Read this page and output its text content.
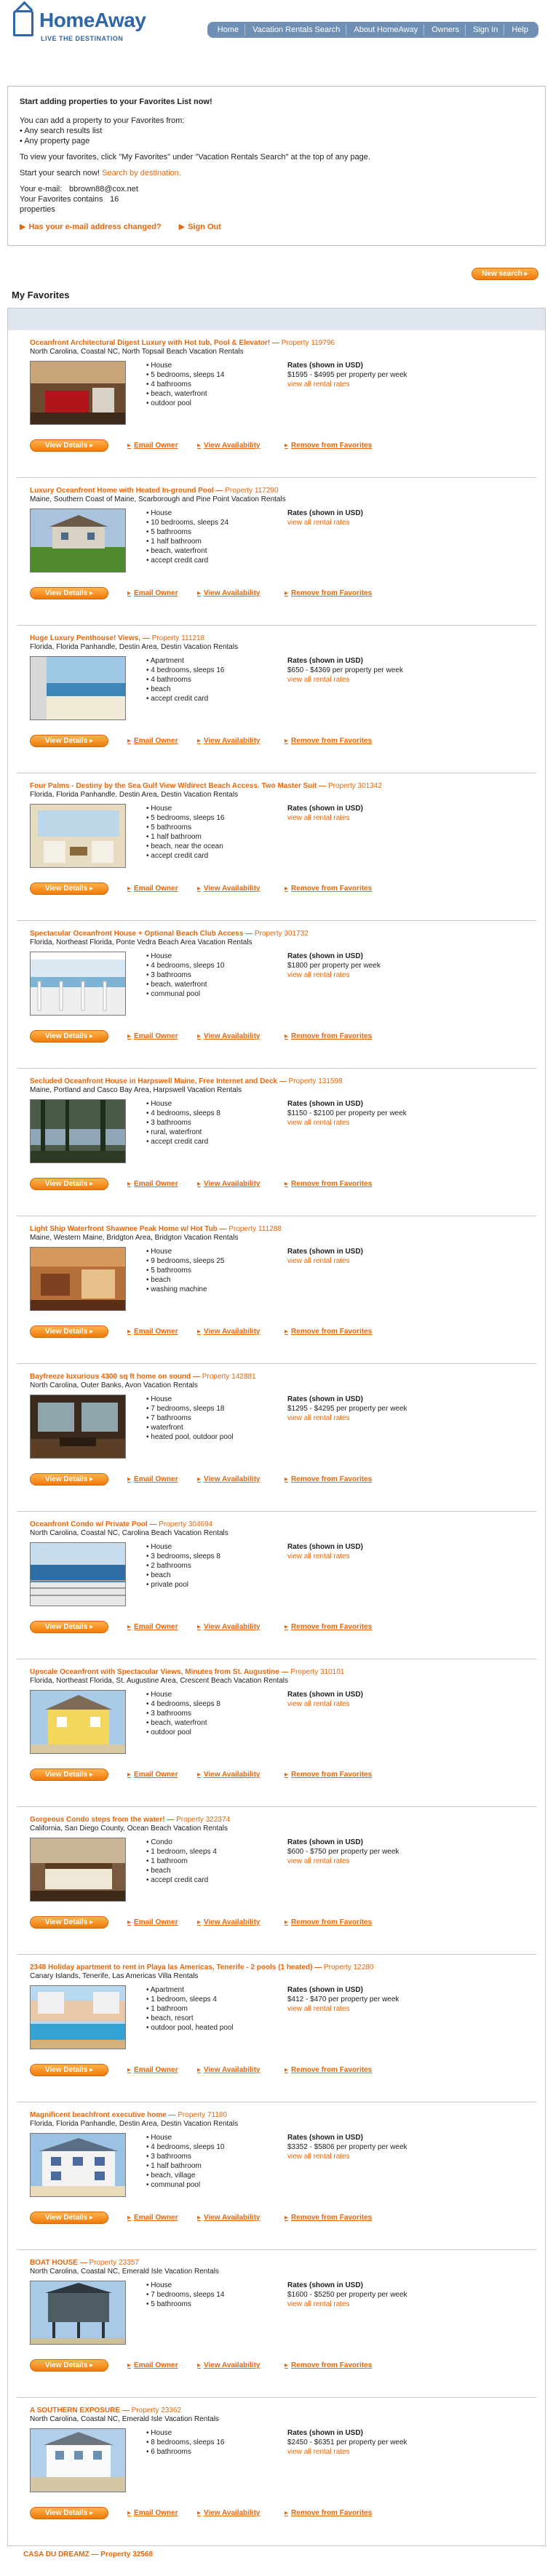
HomeAway
LIVE THE DESTINATION
Home	Vacation Rentals Search	About HomeAway	Owners	Sign In	Help
Start adding properties to your Favorites List now!

You can add a property to your Favorites from:

• Any search results list
• Any property page

To view your favorites, click "My Favorites" under "Vacation Rentals Search" at the top of any page.

Start your search now! Search by destination.

Your e-mail: bbrown88@cox.net
Your Favorites contains 16
properties
▶ Has your e-mail address changed? ▶ Sign Out
New search ▸
My Favorites
Oceanfront Architectural Digest Luxury with Hot tub, Pool & Elevator! — Property 119796
North Carolina, Coastal NC, North Topsail Beach Vacation Rentals
• House
• 5 bedrooms, sleeps 14
• 4 bathrooms
• beach, waterfront
• outdoor pool
Rates (shown in USD)
$1595 - $4995 per property per week
view all rental rates
View Details ▸	▸ Email Owner	▸ View Availability	▸ Remove from Favorites
Luxury Oceanfront Home with Heated In-ground Pool — Property 117290
Maine, Southern Coast of Maine, Scarborough and Pine Point Vacation Rentals
• House
• 10 bedrooms, sleeps 24
• 5 bathrooms
• 1 half bathroom
• beach, waterfront
• accept credit card
Rates (shown in USD)
view all rental rates
View Details ▸	▸ Email Owner	▸ View Availability	▸ Remove from Favorites
Huge Luxury Penthouse! Views, — Property 111218
Florida, Florida Panhandle, Destin Area, Destin Vacation Rentals
• Apartment
• 4 bedrooms, sleeps 16
• 4 bathrooms
• beach
• accept credit card
Rates (shown in USD)
$650 - $4369 per property per week
view all rental rates
View Details ▸	▸ Email Owner	▸ View Availability	▸ Remove from Favorites
Four Palms - Destiny by the Sea Gulf View W/direct Beach Access. Two Master Suit — Property 301342
Florida, Florida Panhandle, Destin Area, Destin Vacation Rentals
• House
• 5 bedrooms, sleeps 16
• 5 bathrooms
• 1 half bathroom
• beach, near the ocean
• accept credit card
Rates (shown in USD)
view all rental rates
View Details ▸	▸ Email Owner	▸ View Availability	▸ Remove from Favorites
Spectacular Oceanfront House + Optional Beach Club Access — Property 301732
Florida, Northeast Florida, Ponte Vedra Beach Area Vacation Rentals
• House
• 4 bedrooms, sleeps 10
• 3 bathrooms
• beach, waterfront
• communal pool
Rates (shown in USD)
$1800 per property per week
view all rental rates
View Details ▸	▸ Email Owner	▸ View Availability	▸ Remove from Favorites
Secluded Oceanfront House in Harpswell Maine, Free Internet and Deck — Property 131598
Maine, Portland and Casco Bay Area, Harpswell Vacation Rentals
• House
• 4 bedrooms, sleeps 8
• 3 bathrooms
• rural, waterfront
• accept credit card
Rates (shown in USD)
$1150 - $2100 per property per week
view all rental rates
View Details ▸	▸ Email Owner	▸ View Availability	▸ Remove from Favorites
Light Ship Waterfront Shawnee Peak Home w/ Hot Tub — Property 111288
Maine, Western Maine, Bridgton Area, Bridgton Vacation Rentals
• House
• 9 bedrooms, sleeps 25
• 5 bathrooms
• beach
• washing machine
Rates (shown in USD)
view all rental rates
View Details ▸	▸ Email Owner	▸ View Availability	▸ Remove from Favorites
Bayfreeze luxurious 4300 sq ft home on sound — Property 142881
North Carolina, Outer Banks, Avon Vacation Rentals
• House
• 7 bedrooms, sleeps 18
• 7 bathrooms
• waterfront
• heated pool, outdoor pool
Rates (shown in USD)
$1295 - $4295 per property per week
view all rental rates
View Details ▸	▸ Email Owner	▸ View Availability	▸ Remove from Favorites
Oceanfront Condo w/ Private Pool — Property 304694
North Carolina, Coastal NC, Carolina Beach Vacation Rentals
• House
• 3 bedrooms, sleeps 8
• 2 bathrooms
• beach
• private pool
Rates (shown in USD)
view all rental rates
View Details ▸	▸ Email Owner	▸ View Availability	▸ Remove from Favorites
Upscale Oceanfront with Spectacular Views, Minutes from St. Augustine — Property 310101
Florida, Northeast Florida, St. Augustine Area, Crescent Beach Vacation Rentals
• House
• 4 bedrooms, sleeps 8
• 3 bathrooms
• beach, waterfront
• outdoor pool
Rates (shown in USD)
view all rental rates
View Details ▸	▸ Email Owner	▸ View Availability	▸ Remove from Favorites
Gorgeous Condo steps from the water! — Property 322374
California, San Diego County, Ocean Beach Vacation Rentals
• Condo
• 1 bedroom, sleeps 4
• 1 bathroom
• beach
• accept credit card
Rates (shown in USD)
$600 - $750 per property per week
view all rental rates
View Details ▸	▸ Email Owner	▸ View Availability	▸ Remove from Favorites
2348 Holiday apartment to rent in Playa las Americas, Tenerife - 2 pools (1 heated) — Property 12280
Canary Islands, Tenerife, Las Americas Villa Rentals
• Apartment
• 1 bedroom, sleeps 4
• 1 bathroom
• beach, resort
• outdoor pool, heated pool
Rates (shown in USD)
$412 - $470 per property per week
view all rental rates
View Details ▸	▸ Email Owner	▸ View Availability	▸ Remove from Favorites
Magnificent beachfront executive home — Property 71180
Florida, Florida Panhandle, Destin Area, Destin Vacation Rentals
• House
• 4 bedrooms, sleeps 10
• 3 bathrooms
• 1 half bathroom
• beach, village
• communal pool
Rates (shown in USD)
$3352 - $5806 per property per week
view all rental rates
View Details ▸	▸ Email Owner	▸ View Availability	▸ Remove from Favorites
BOAT HOUSE — Property 23357
North Carolina, Coastal NC, Emerald Isle Vacation Rentals
• House
• 7 bedrooms, sleeps 14
• 5 bathrooms
Rates (shown in USD)
$1600 - $5250 per property per week
view all rental rates
View Details ▸	▸ Email Owner	▸ View Availability	▸ Remove from Favorites
A SOUTHERN EXPOSURE — Property 23362
North Carolina, Coastal NC, Emerald Isle Vacation Rentals
• House
• 8 bedrooms, sleeps 16
• 6 bathrooms
Rates (shown in USD)
$2450 - $6351 per property per week
view all rental rates
View Details ▸	▸ Email Owner	▸ View Availability	▸ Remove from Favorites
CASA DU DREAMZ — Property 32568
